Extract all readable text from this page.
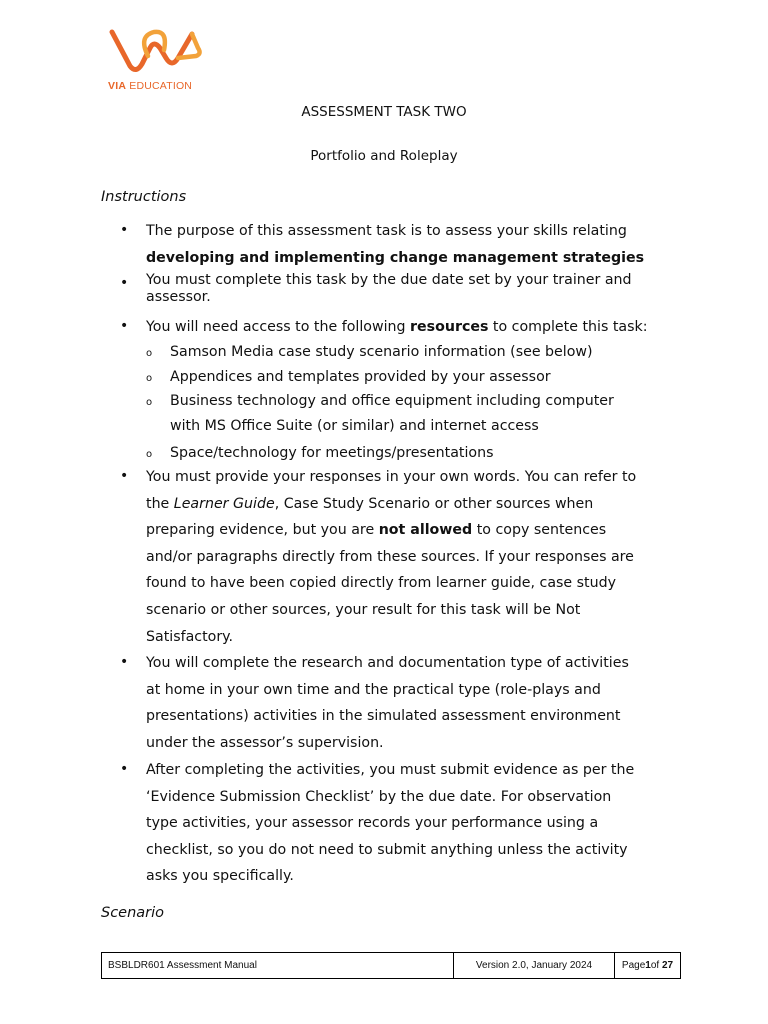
VIA EDUCATION
ASSESSMENT TASK TWO
Portfolio and Roleplay
Instructions
• The purpose of this assessment task is to assess your skills relating
developing and implementing change management strategies
• You must complete this task by the due date set by your trainer and
assessor.
• You will need access to the following resources to complete this task:
o Samson Media case study scenario information (see below)
o Appendices and templates provided by your assessor
o Business technology and office equipment including computer
with MS Office Suite (or similar) and internet access
o Space/technology for meetings/presentations
• You must provide your responses in your own words. You can refer to
the Learner Guide, Case Study Scenario or other sources when
preparing evidence, but you are not allowed to copy sentences
and/or paragraphs directly from these sources. If your responses are
found to have been copied directly from learner guide, case study
scenario or other sources, your result for this task will be Not
Satisfactory.
• You will complete the research and documentation type of activities
at home in your own time and the practical type (role-plays and
presentations) activities in the simulated assessment environment
under the assessor’s supervision.
• After completing the activities, you must submit evidence as per the
‘Evidence Submission Checklist’ by the due date. For observation
type activities, your assessor records your performance using a
checklist, so you do not need to submit anything unless the activity
asks you specifically.
Scenario
BSBLDR601 Assessment Manual	Version 2.0, January 2024	Page 1 of
27
